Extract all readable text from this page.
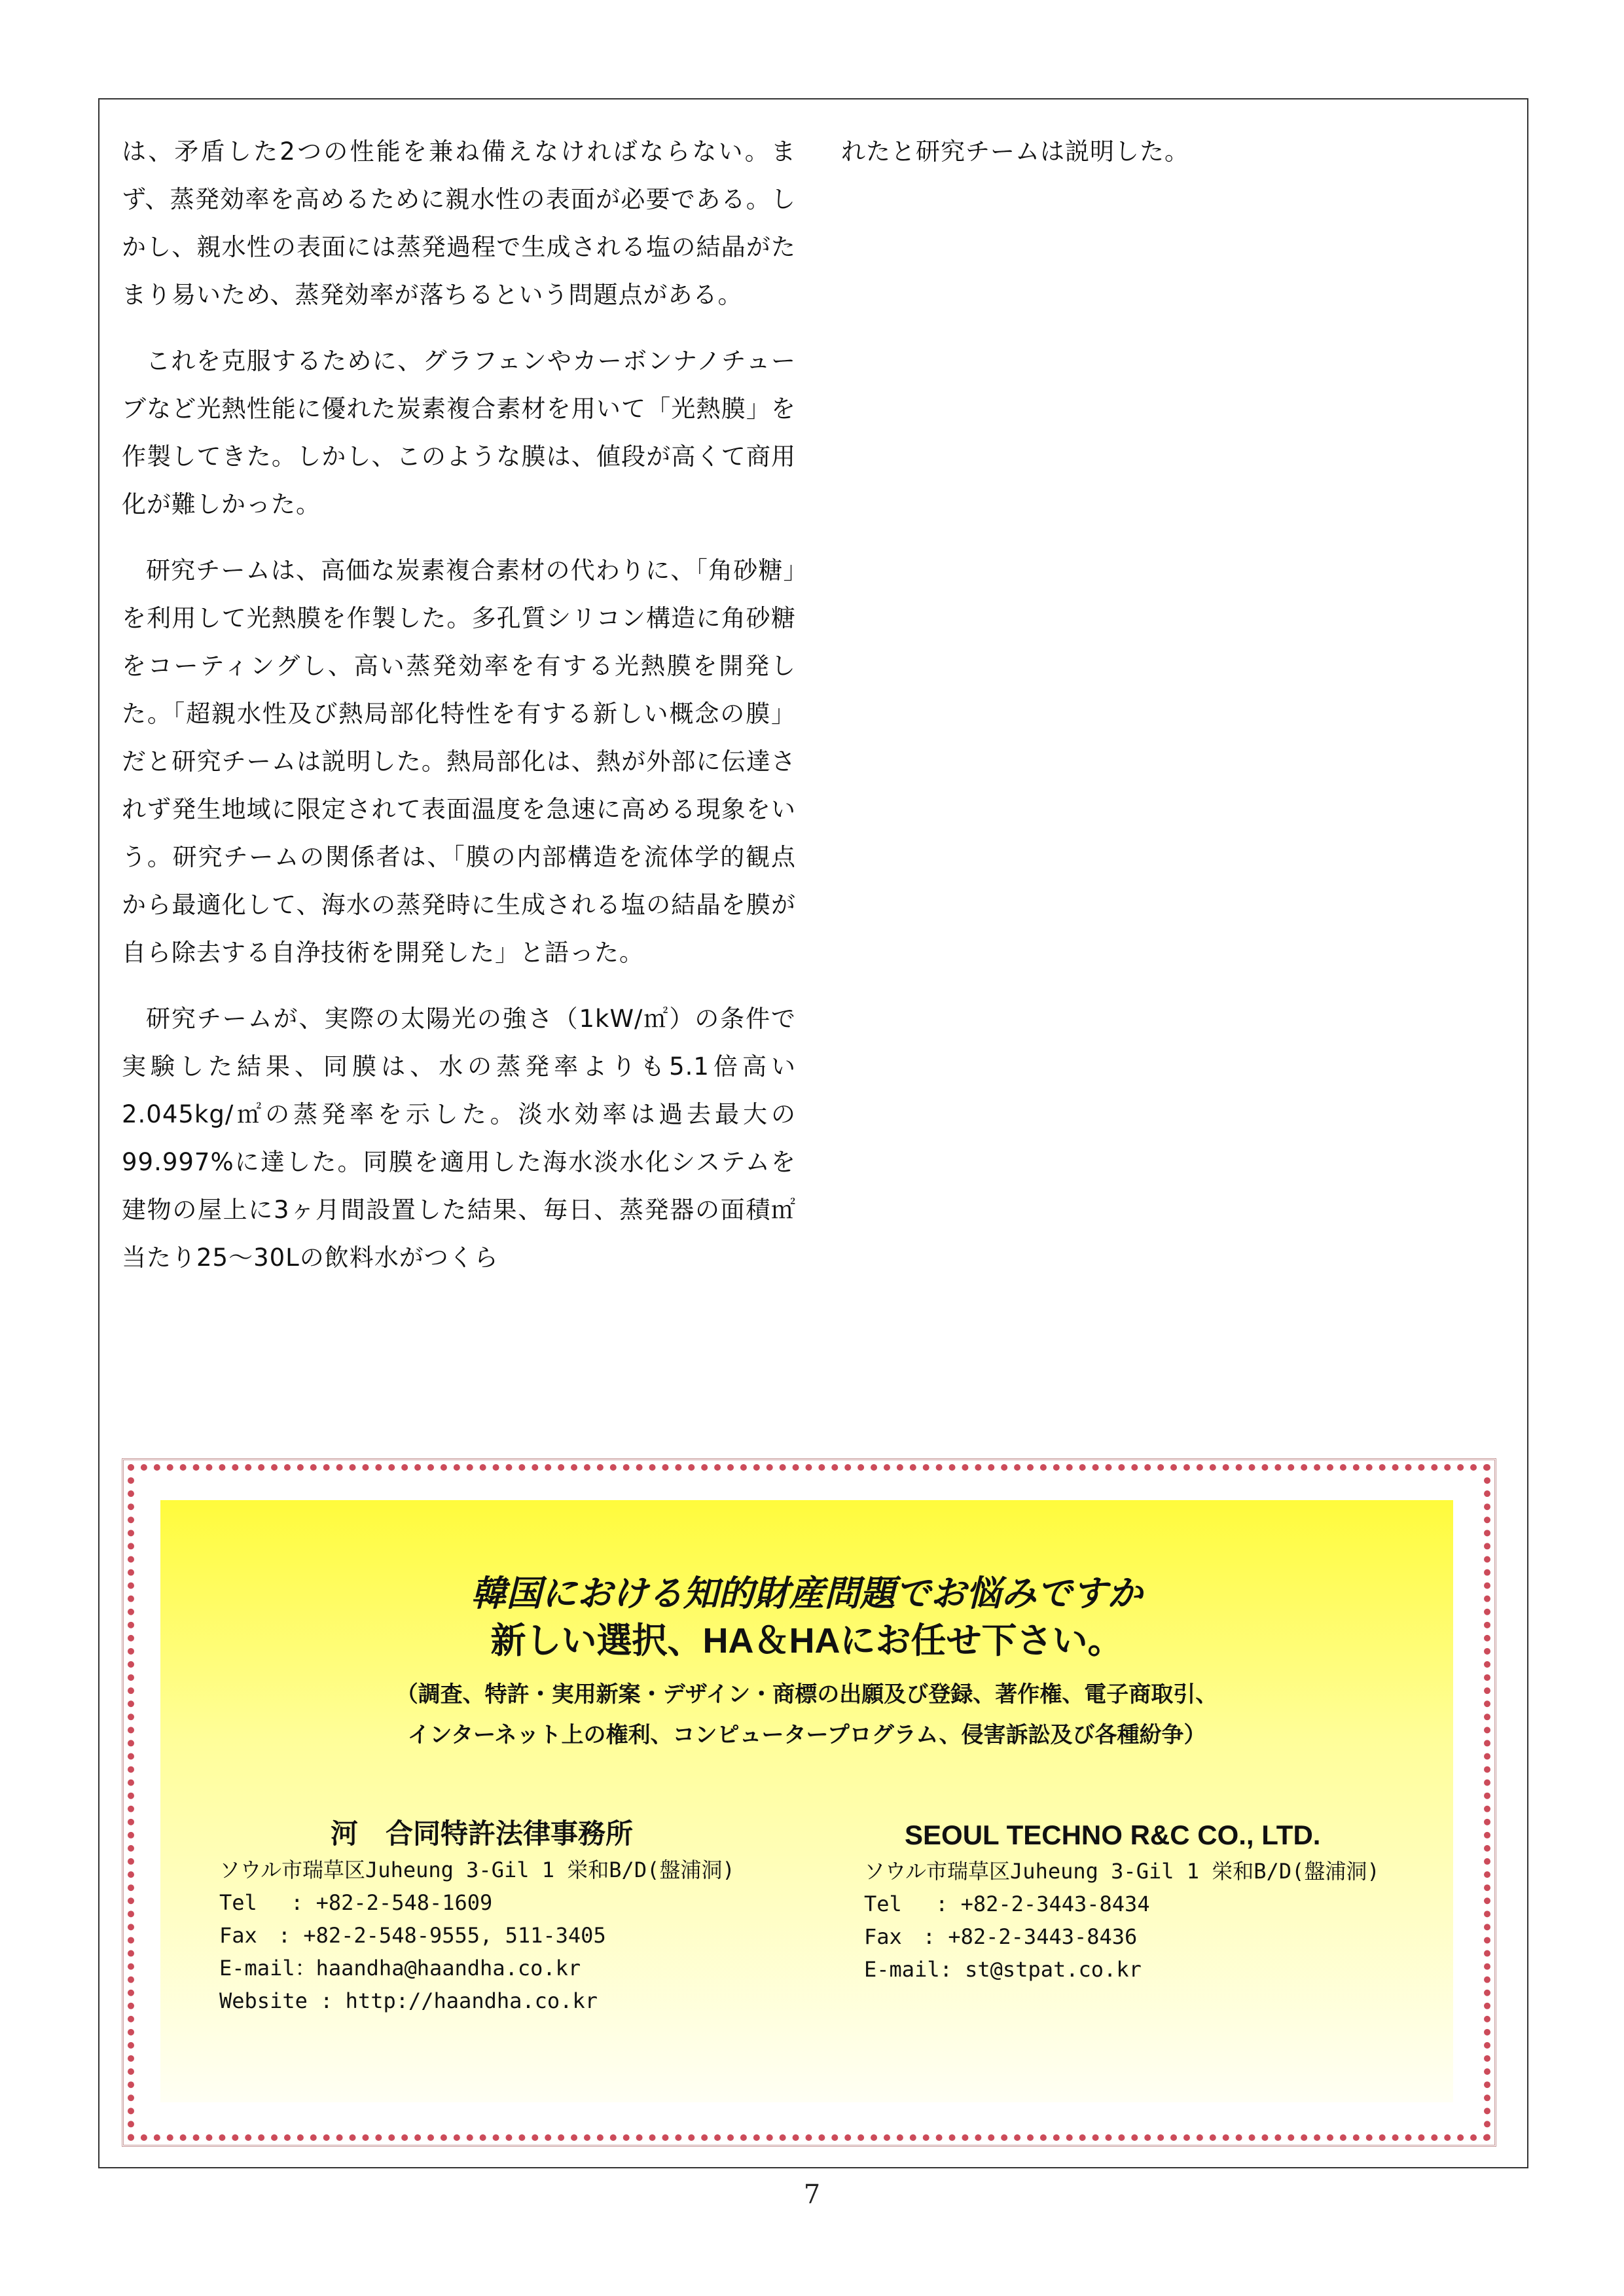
は、矛盾した2つの性能を兼ね備えなければならない。まず、蒸発効率を高めるために親水性の表面が必要である。しかし、親水性の表面には蒸発過程で生成される塩の結晶がたまり易いため、蒸発効率が落ちるという問題点がある。

これを克服するために、グラフェンやカーボンナノチューブなど光熱性能に優れた炭素複合素材を用いて「光熱膜」を作製してきた。しかし、このような膜は、値段が高くて商用化が難しかった。

研究チームは、高価な炭素複合素材の代わりに、「角砂糖」を利用して光熱膜を作製した。多孔質シリコン構造に角砂糖をコーティングし、高い蒸発効率を有する光熱膜を開発した。「超親水性及び熱局部化特性を有する新しい概念の膜」だと研究チームは説明した。熱局部化は、熱が外部に伝達されず発生地域に限定されて表面温度を急速に高める現象をいう。研究チームの関係者は、「膜の内部構造を流体学的観点から最適化して、海水の蒸発時に生成される塩の結晶を膜が自ら除去する自浄技術を開発した」と語った。

研究チームが、実際の太陽光の強さ（1kW/㎡）の条件で実験した結果、同膜は、水の蒸発率よりも5.1倍高い2.045kg/㎡の蒸発率を示した。淡水効率は過去最大の99.997%に達した。同膜を適用した海水淡水化システムを建物の屋上に3ヶ月間設置した結果、毎日、蒸発器の面積㎡当たり25～30Lの飲料水がつくら

れたと研究チームは説明した。

韓国における知的財産問題でお悩みですか
新しい選択、HA＆HAにお任せ下さい。
（調査、特許・実用新案・デザイン・商標の出願及び登録、著作権、電子商取引、
インターネット上の権利、コンピュータープログラム、侵害訴訟及び各種紛争）
河　合同特許法律事務所
ソウル市瑞草区Juheung 3-Gil 1 栄和B/D(盤浦洞)
Tel　 : +82-2-548-1609
Fax　: +82-2-548-9555, 511-3405
E-mail：haandha@haandha.co.kr
Website : http://haandha.co.kr
SEOUL TECHNO R&C CO., LTD.
ソウル市瑞草区Juheung 3-Gil 1 栄和B/D(盤浦洞)
Tel　 : +82-2-3443-8434
Fax　: +82-2-3443-8436
E-mail: st@stpat.co.kr
7
